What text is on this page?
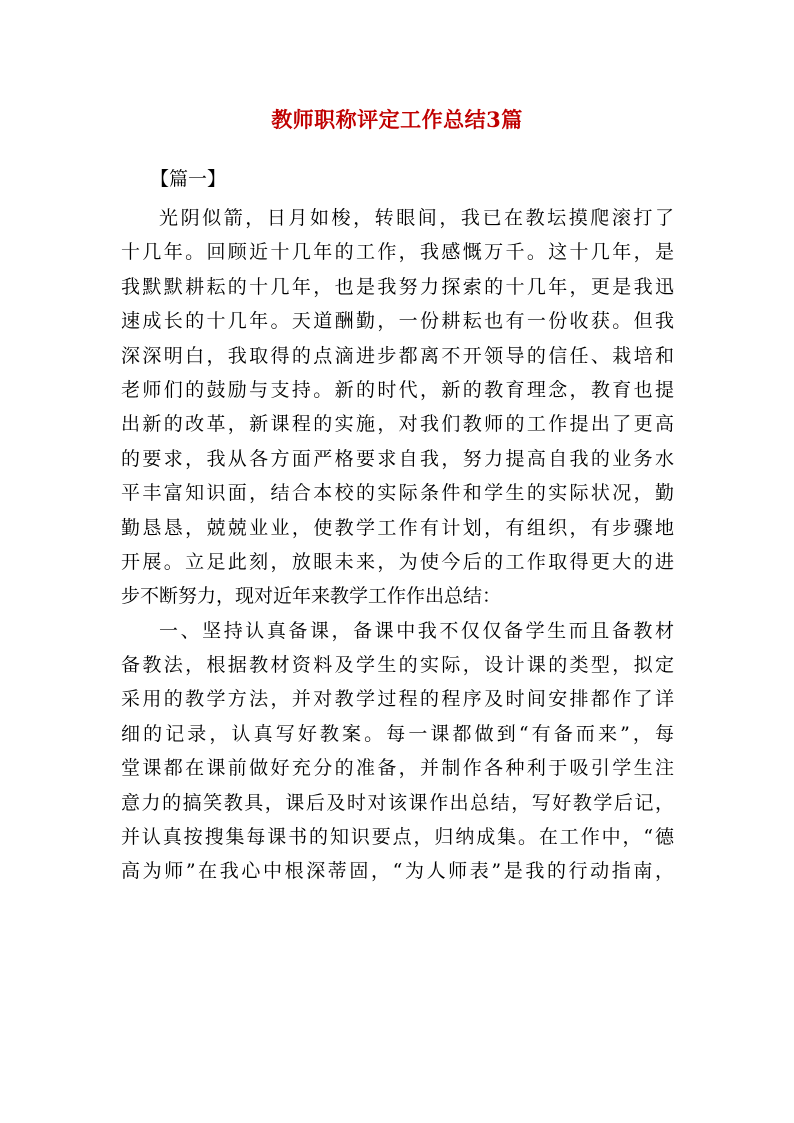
教师职称评定工作总结3篇
【篇一】
光阴似箭，日月如梭，转眼间，我已在教坛摸爬滚打了
十几年。回顾近十几年的工作，我感慨万千。这十几年，是
我默默耕耘的十几年，也是我努力探索的十几年，更是我迅
速成长的十几年。天道酬勤，一份耕耘也有一份收获。但我
深深明白，我取得的点滴进步都离不开领导的信任、栽培和
老师们的鼓励与支持。新的时代，新的教育理念，教育也提
出新的改革，新课程的实施，对我们教师的工作提出了更高
的要求，我从各方面严格要求自我，努力提高自我的业务水
平丰富知识面，结合本校的实际条件和学生的实际状况，勤
勤恳恳，兢兢业业，使教学工作有计划，有组织，有步骤地
开展。立足此刻，放眼未来，为使今后的工作取得更大的进
步不断努力，现对近年来教学工作作出总结：
一、坚持认真备课，备课中我不仅仅备学生而且备教材
备教法，根据教材资料及学生的实际，设计课的类型，拟定
采用的教学方法，并对教学过程的程序及时间安排都作了详
细的记录，认真写好教案。每一课都做到“有备而来”，每
堂课都在课前做好充分的准备，并制作各种利于吸引学生注
意力的搞笑教具，课后及时对该课作出总结，写好教学后记，
并认真按搜集每课书的知识要点，归纳成集。在工作中，“德
高为师”在我心中根深蒂固，“为人师表”是我的行动指南，
